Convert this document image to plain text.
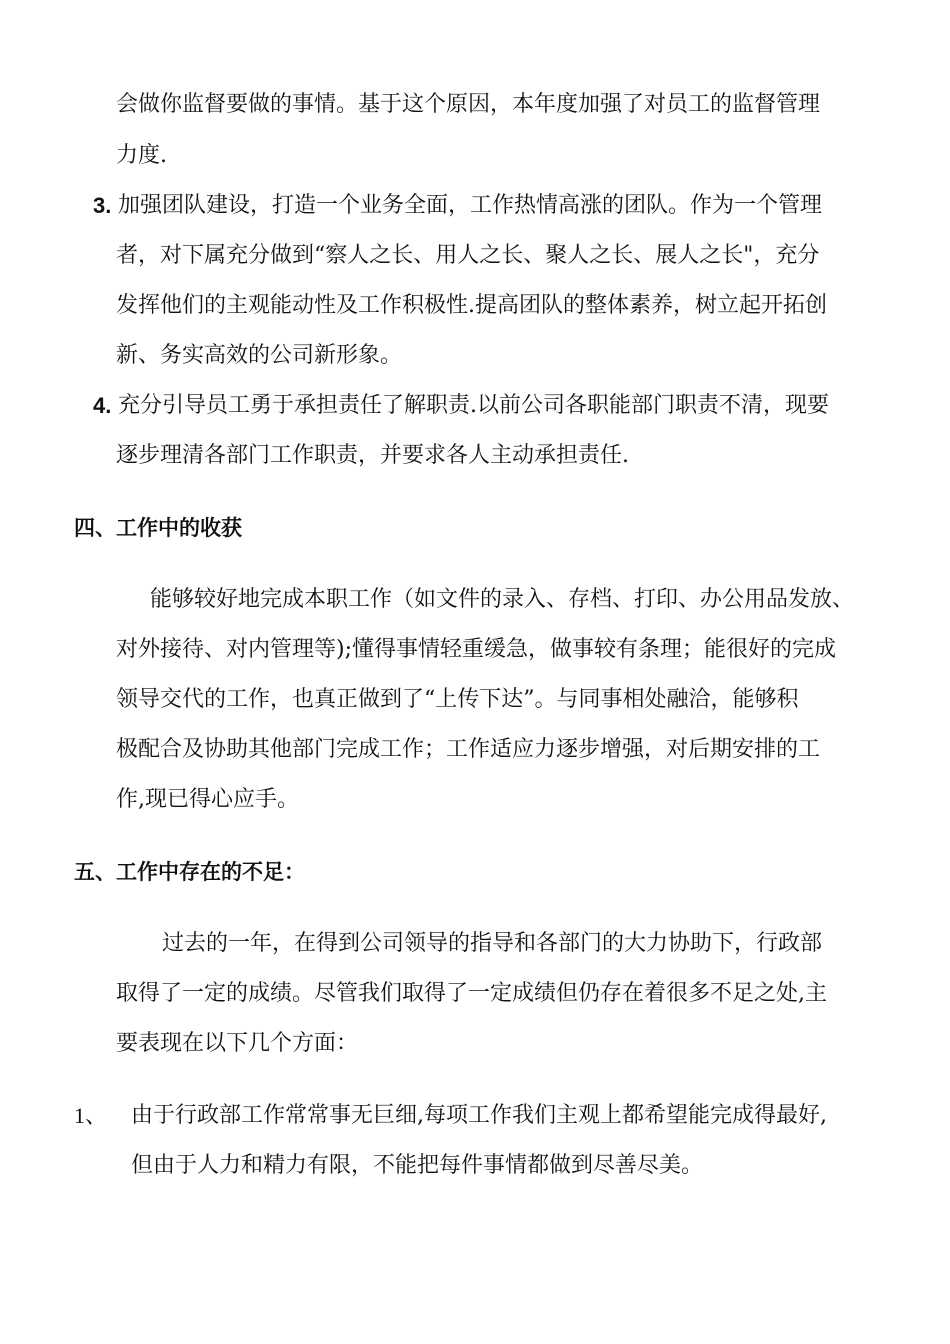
会做你监督要做的事情。基于这个原因，本年度加强了对员工的监督管理
力度.
3. 加强团队建设，打造一个业务全面，工作热情高涨的团队。作为一个管理
者，对下属充分做到“察人之长、用人之长、聚人之长、展人之长"，充分
发挥他们的主观能动性及工作积极性.提高团队的整体素养，树立起开拓创
新、务实高效的公司新形象。
4. 充分引导员工勇于承担责任了解职责.以前公司各职能部门职责不清，现要
逐步理清各部门工作职责，并要求各人主动承担责任.
四、工作中的收获
能够较好地完成本职工作（如文件的录入、存档、打印、办公用品发放、
对外接待、对内管理等);懂得事情轻重缓急，做事较有条理；能很好的完成
领导交代的工作，也真正做到了“上传下达”。与同事相处融洽，能够积
极配合及协助其他部门完成工作；工作适应力逐步增强，对后期安排的工
作,现已得心应手。
五、工作中存在的不足：
过去的一年，在得到公司领导的指导和各部门的大力协助下，行政部
取得了一定的成绩。尽管我们取得了一定成绩但仍存在着很多不足之处,主
要表现在以下几个方面：
1、 由于行政部工作常常事无巨细,每项工作我们主观上都希望能完成得最好,
但由于人力和精力有限，不能把每件事情都做到尽善尽美。
